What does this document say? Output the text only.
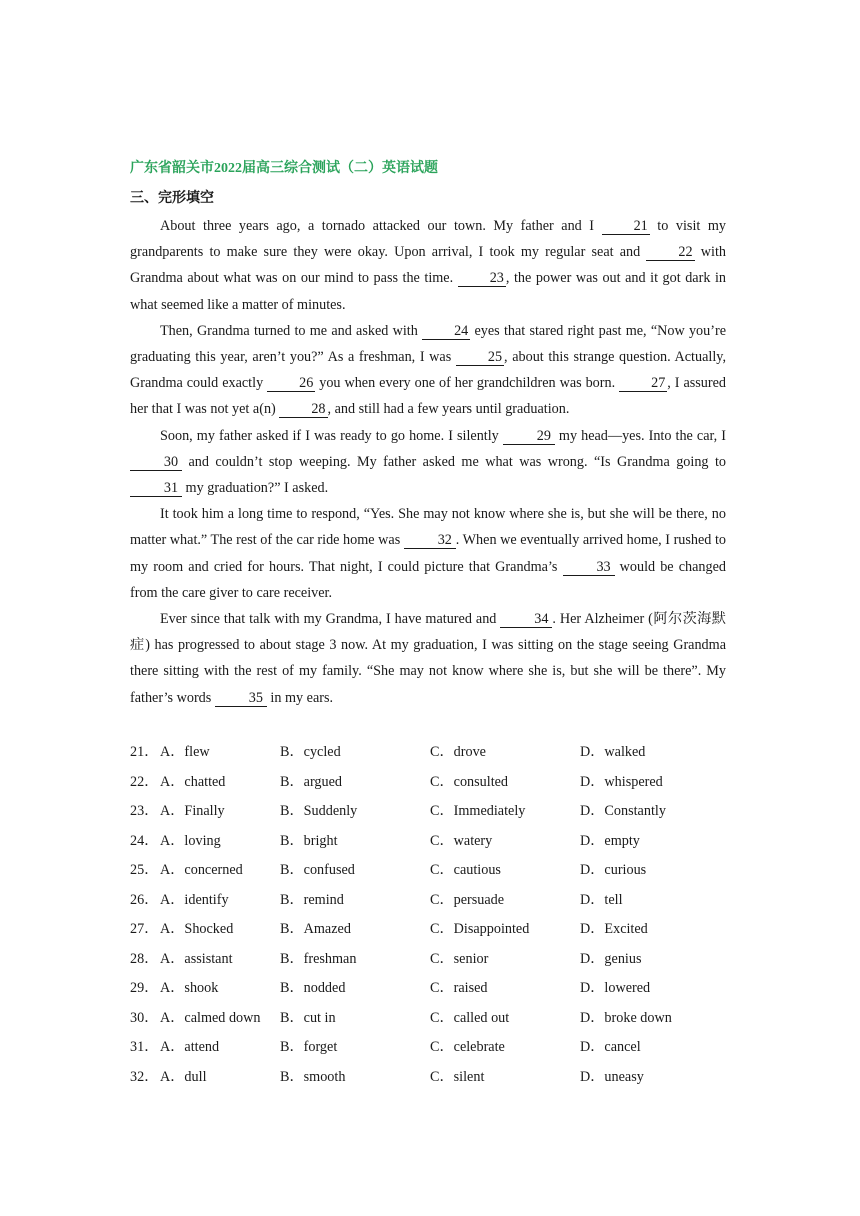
广东省韶关市2022届高三综合测试（二）英语试题
三、完形填空

About three years ago, a tornado attacked our town. My father and I 21 to visit my grandparents to make sure they were okay. Upon arrival, I took my regular seat and 22 with Grandma about what was on our mind to pass the time. 23 , the power was out and it got dark in what seemed like a matter of minutes.

Then, Grandma turned to me and asked with 24 eyes that stared right past me, “Now you’re graduating this year, aren’t you?” As a freshman, I was 25 , about this strange question. Actually, Grandma could exactly 26 you when every one of her grandchildren was born. 27 , I assured her that I was not yet a(n) 28 , and still had a few years until graduation.

Soon, my father asked if I was ready to go home. I silently 29 my head—yes. Into the car, I 30 and couldn’t stop weeping. My father asked me what was wrong. “Is Grandma going to 31 my graduation?” I asked.

It took him a long time to respond, “Yes. She may not know where she is, but she will be there, no matter what.” The rest of the car ride home was 32 . When we eventually arrived home, I rushed to my room and cried for hours. That night, I could picture that Grandma’s 33 would be changed from the care giver to care receiver.

Ever since that talk with my Grandma, I have matured and 34 . Her Alzheimer (阿尔茨海默症) has progressed to about stage 3 now. At my graduation, I was sitting on the stage seeing Grandma there sitting with the rest of my family. “She may not know where she is, but she will be there”. My father’s words 35 in my ears.

21． A．flew	B．cycled	C．drove	D．walked
22． A．chatted	B．argued	C．consulted	D．whispered
23． A．Finally	B．Suddenly	C．Immediately	D．Constantly
24． A．loving	B．bright	C．watery	D．empty
25． A．concerned	B．confused	C．cautious	D．curious
26． A．identify	B．remind	C．persuade	D．tell
27． A．Shocked	B．Amazed	C．Disappointed	D．Excited
28． A．assistant	B．freshman	C．senior	D．genius
29． A．shook	B．nodded	C．raised	D．lowered
30． A．calmed down B．cut in	C．called out	D．broke down
31． A．attend	B．forget	C．celebrate	D．cancel
32． A．dull	B．smooth	C．silent	D．uneasy
